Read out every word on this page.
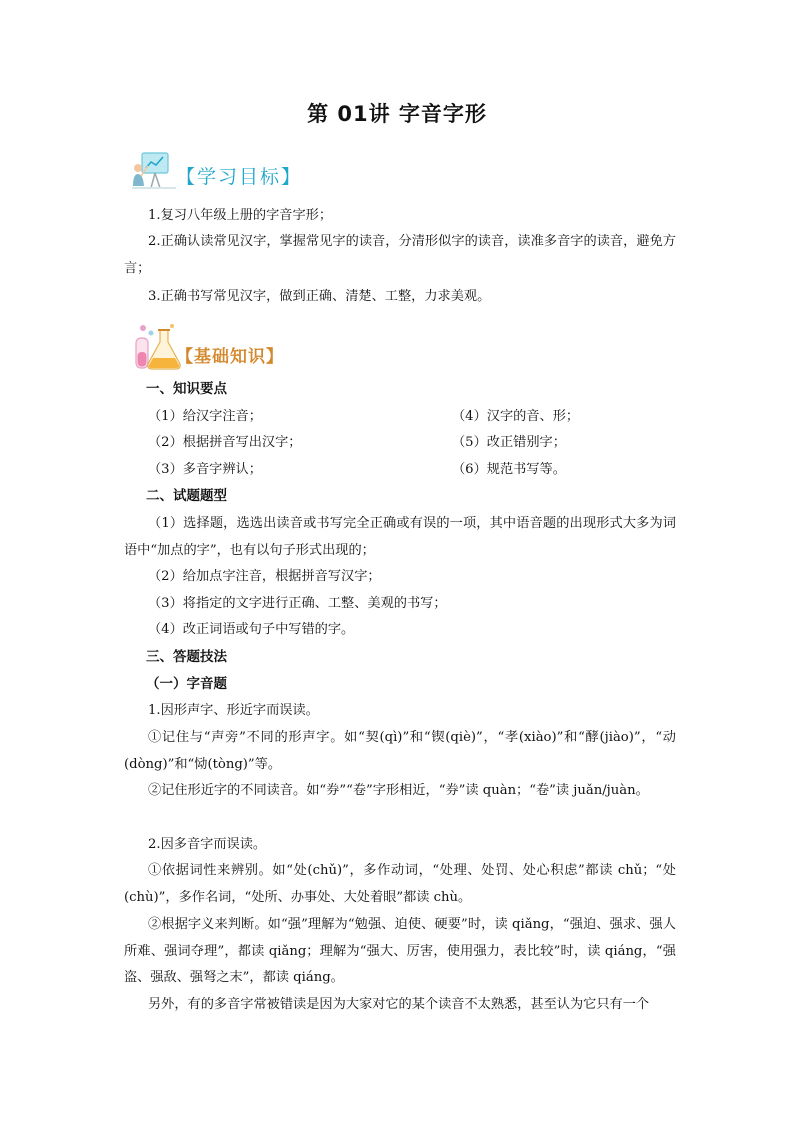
第 01讲 字音字形
【学习目标】

1.复习八年级上册的字音字形；

2.正确认读常见汉字，掌握常见字的读音，分清形似字的读音，读准多音字的读音，避免方言；

3.正确书写常见汉字，做到正确、清楚、工整，力求美观。

【基础知识】

一、知识要点

（1）给汉字注音；	（4）汉字的音、形；

（2）根据拼音写出汉字；	（5）改正错别字；

（3）多音字辨认；	（6）规范书写等。

二、试题题型

（1）选择题，选选出读音或书写完全正确或有误的一项，其中语音题的出现形式大多为词语中“加点的字”，也有以句子形式出现的；

（2）给加点字注音，根据拼音写汉字；

（3）将指定的文字进行正确、工整、美观的书写；

（4）改正词语或句子中写错的字。

三、答题技法

（一）字音题

1.因形声字、形近字而误读。

①记住与“声旁”不同的形声字。如“契(qì)”和“锲(qiè)”，“孝(xiào)”和“酵(jiào)”，“动(dòng)”和“恸(tòng)”等。

②记住形近字的不同读音。如“券”“卷”字形相近，“券”读 quàn；“卷”读 juǎn/juàn。

2.因多音字而误读。

①依据词性来辨别。如“处(chǔ)”，多作动词，“处理、处罚、处心积虑”都读 chǔ；“处(chù)”，多作名词，“处所、办事处、大处着眼”都读 chù。

②根据字义来判断。如“强”理解为“勉强、迫使、硬要”时，读 qiǎng，“强迫、强求、强人所难、强词夺理”，都读 qiǎng；理解为“强大、厉害，使用强力，表比较”时，读 qiáng，“强盗、强敌、强弩之末”，都读 qiáng。

另外，有的多音字常被错读是因为大家对它的某个读音不太熟悉，甚至认为它只有一个
